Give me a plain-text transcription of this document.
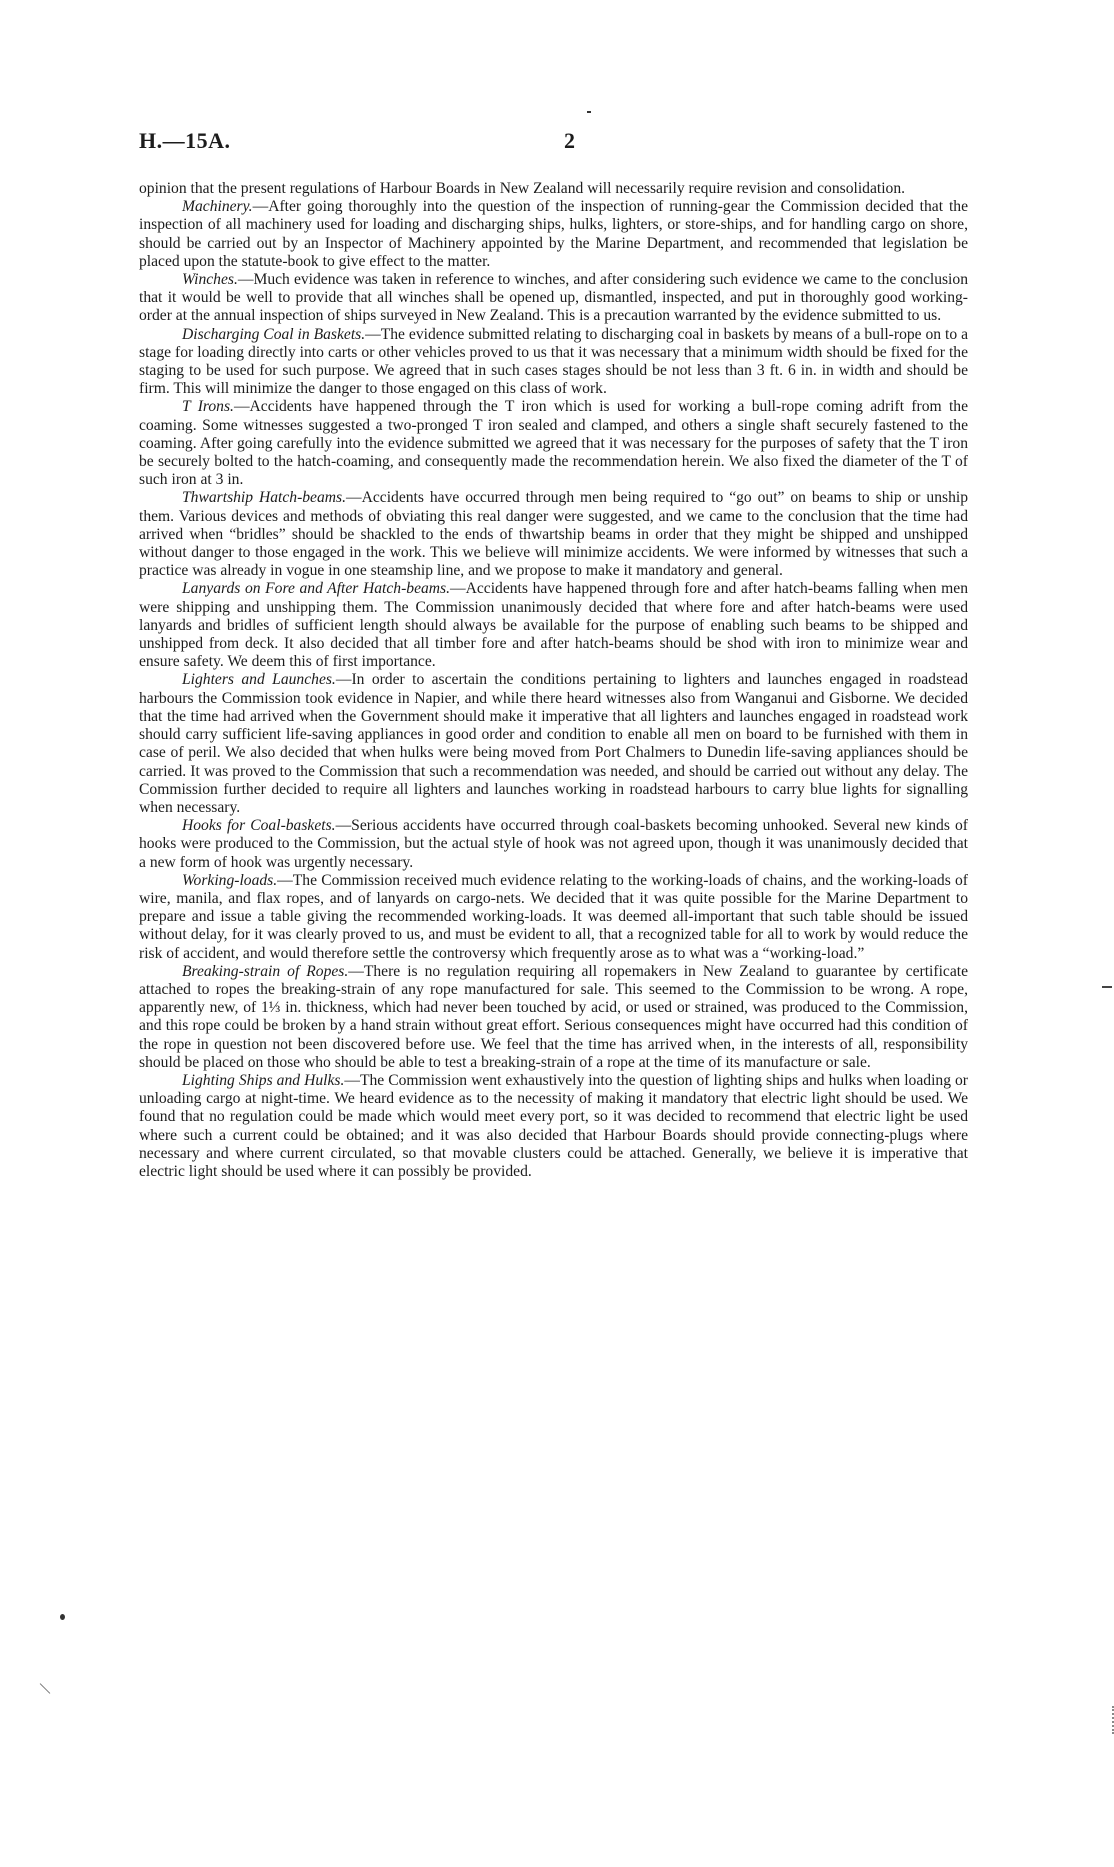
H.—15A.	2

opinion that the present regulations of Harbour Boards in New Zealand will necessarily require revision and consolidation.

Machinery.—After going thoroughly into the question of the inspection of running-gear the Commission decided that the inspection of all machinery used for loading and discharging ships, hulks, lighters, or store-ships, and for handling cargo on shore, should be carried out by an Inspector of Machinery appointed by the Marine Department, and recommended that legislation be placed upon the statute-book to give effect to the matter.

Winches.—Much evidence was taken in reference to winches, and after considering such evidence we came to the conclusion that it would be well to provide that all winches shall be opened up, dismantled, inspected, and put in thoroughly good working-order at the annual inspection of ships surveyed in New Zealand. This is a precaution warranted by the evidence submitted to us.

Discharging Coal in Baskets.—The evidence submitted relating to discharging coal in baskets by means of a bull-rope on to a stage for loading directly into carts or other vehicles proved to us that it was necessary that a minimum width should be fixed for the staging to be used for such purpose. We agreed that in such cases stages should be not less than 3 ft. 6 in. in width and should be firm. This will minimize the danger to those engaged on this class of work.

T Irons.—Accidents have happened through the T iron which is used for working a bull-rope coming adrift from the coaming. Some witnesses suggested a two-pronged T iron sealed and clamped, and others a single shaft securely fastened to the coaming. After going carefully into the evidence submitted we agreed that it was necessary for the purposes of safety that the T iron be securely bolted to the hatch-coaming, and consequently made the recommendation herein. We also fixed the diameter of the T of such iron at 3 in.

Thwartship Hatch-beams.—Accidents have occurred through men being required to “go out” on beams to ship or unship them. Various devices and methods of obviating this real danger were suggested, and we came to the conclusion that the time had arrived when “bridles” should be shackled to the ends of thwartship beams in order that they might be shipped and unshipped without danger to those engaged in the work. This we believe will minimize accidents. We were informed by witnesses that such a practice was already in vogue in one steamship line, and we propose to make it mandatory and general.

Lanyards on Fore and After Hatch-beams.—Accidents have happened through fore and after hatch-beams falling when men were shipping and unshipping them. The Commission unanimously decided that where fore and after hatch-beams were used lanyards and bridles of sufficient length should always be available for the purpose of enabling such beams to be shipped and unshipped from deck. It also decided that all timber fore and after hatch-beams should be shod with iron to minimize wear and ensure safety. We deem this of first importance.

Lighters and Launches.—In order to ascertain the conditions pertaining to lighters and launches engaged in roadstead harbours the Commission took evidence in Napier, and while there heard witnesses also from Wanganui and Gisborne. We decided that the time had arrived when the Government should make it imperative that all lighters and launches engaged in roadstead work should carry sufficient life-saving appliances in good order and condition to enable all men on board to be furnished with them in case of peril. We also decided that when hulks were being moved from Port Chalmers to Dunedin life-saving appliances should be carried. It was proved to the Commission that such a recommendation was needed, and should be carried out without any delay. The Commission further decided to require all lighters and launches working in roadstead harbours to carry blue lights for signalling when necessary.

Hooks for Coal-baskets.—Serious accidents have occurred through coal-baskets becoming unhooked. Several new kinds of hooks were produced to the Commission, but the actual style of hook was not agreed upon, though it was unanimously decided that a new form of hook was urgently necessary.

Working-loads.—The Commission received much evidence relating to the working-loads of chains, and the working-loads of wire, manila, and flax ropes, and of lanyards on cargo-nets. We decided that it was quite possible for the Marine Department to prepare and issue a table giving the recommended working-loads. It was deemed all-important that such table should be issued without delay, for it was clearly proved to us, and must be evident to all, that a recognized table for all to work by would reduce the risk of accident, and would therefore settle the controversy which frequently arose as to what was a “working-load.”

Breaking-strain of Ropes.—There is no regulation requiring all ropemakers in New Zealand to guarantee by certificate attached to ropes the breaking-strain of any rope manufactured for sale. This seemed to the Commission to be wrong. A rope, apparently new, of 1⅓ in. thickness, which had never been touched by acid, or used or strained, was produced to the Commission, and this rope could be broken by a hand strain without great effort. Serious consequences might have occurred had this condition of the rope in question not been discovered before use. We feel that the time has arrived when, in the interests of all, responsibility should be placed on those who should be able to test a breaking-strain of a rope at the time of its manufacture or sale.

Lighting Ships and Hulks.—The Commission went exhaustively into the question of lighting ships and hulks when loading or unloading cargo at night-time. We heard evidence as to the necessity of making it mandatory that electric light should be used. We found that no regulation could be made which would meet every port, so it was decided to recommend that electric light be used where such a current could be obtained; and it was also decided that Harbour Boards should provide connecting-plugs where necessary and where current circulated, so that movable clusters could be attached. Generally, we believe it is imperative that electric light should be used where it can possibly be provided.
